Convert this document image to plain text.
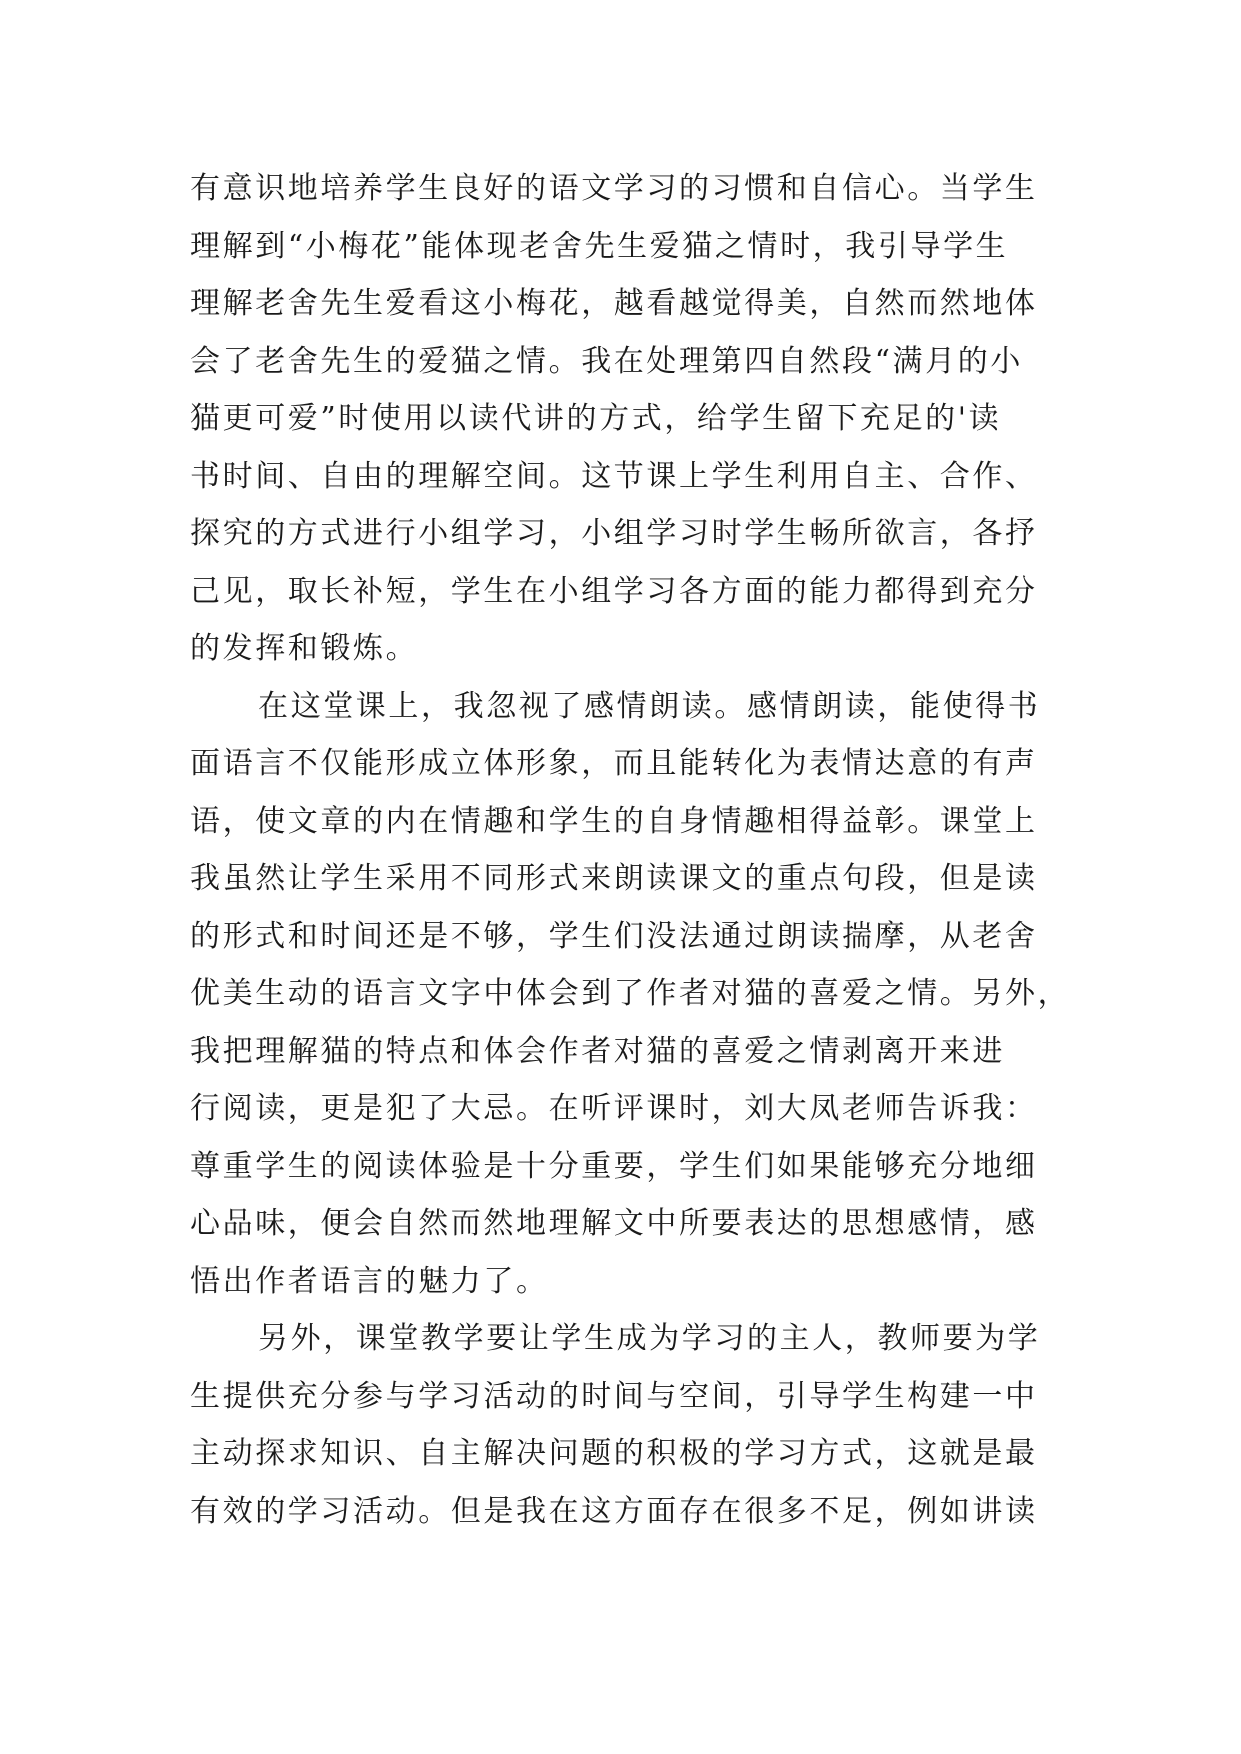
有意识地培养学生良好的语文学习的习惯和自信心。当学生
理解到“小梅花”能体现老舍先生爱猫之情时，我引导学生
理解老舍先生爱看这小梅花，越看越觉得美，自然而然地体
会了老舍先生的爱猫之情。我在处理第四自然段“满月的小
猫更可爱”时使用以读代讲的方式，给学生留下充足的'读
书时间、自由的理解空间。这节课上学生利用自主、合作、
探究的方式进行小组学习，小组学习时学生畅所欲言，各抒
己见，取长补短，学生在小组学习各方面的能力都得到充分
的发挥和锻炼。
在这堂课上，我忽视了感情朗读。感情朗读，能使得书
面语言不仅能形成立体形象，而且能转化为表情达意的有声
语，使文章的内在情趣和学生的自身情趣相得益彰。课堂上
我虽然让学生采用不同形式来朗读课文的重点句段，但是读
的形式和时间还是不够，学生们没法通过朗读揣摩，从老舍
优美生动的语言文字中体会到了作者对猫的喜爱之情。另外，
我把理解猫的特点和体会作者对猫的喜爱之情剥离开来进
行阅读，更是犯了大忌。在听评课时，刘大凤老师告诉我：
尊重学生的阅读体验是十分重要，学生们如果能够充分地细
心品味，便会自然而然地理解文中所要表达的思想感情，感
悟出作者语言的魅力了。
另外，课堂教学要让学生成为学习的主人，教师要为学
生提供充分参与学习活动的时间与空间，引导学生构建一中
主动探求知识、自主解决问题的积极的学习方式，这就是最
有效的学习活动。但是我在这方面存在很多不足，例如讲读
